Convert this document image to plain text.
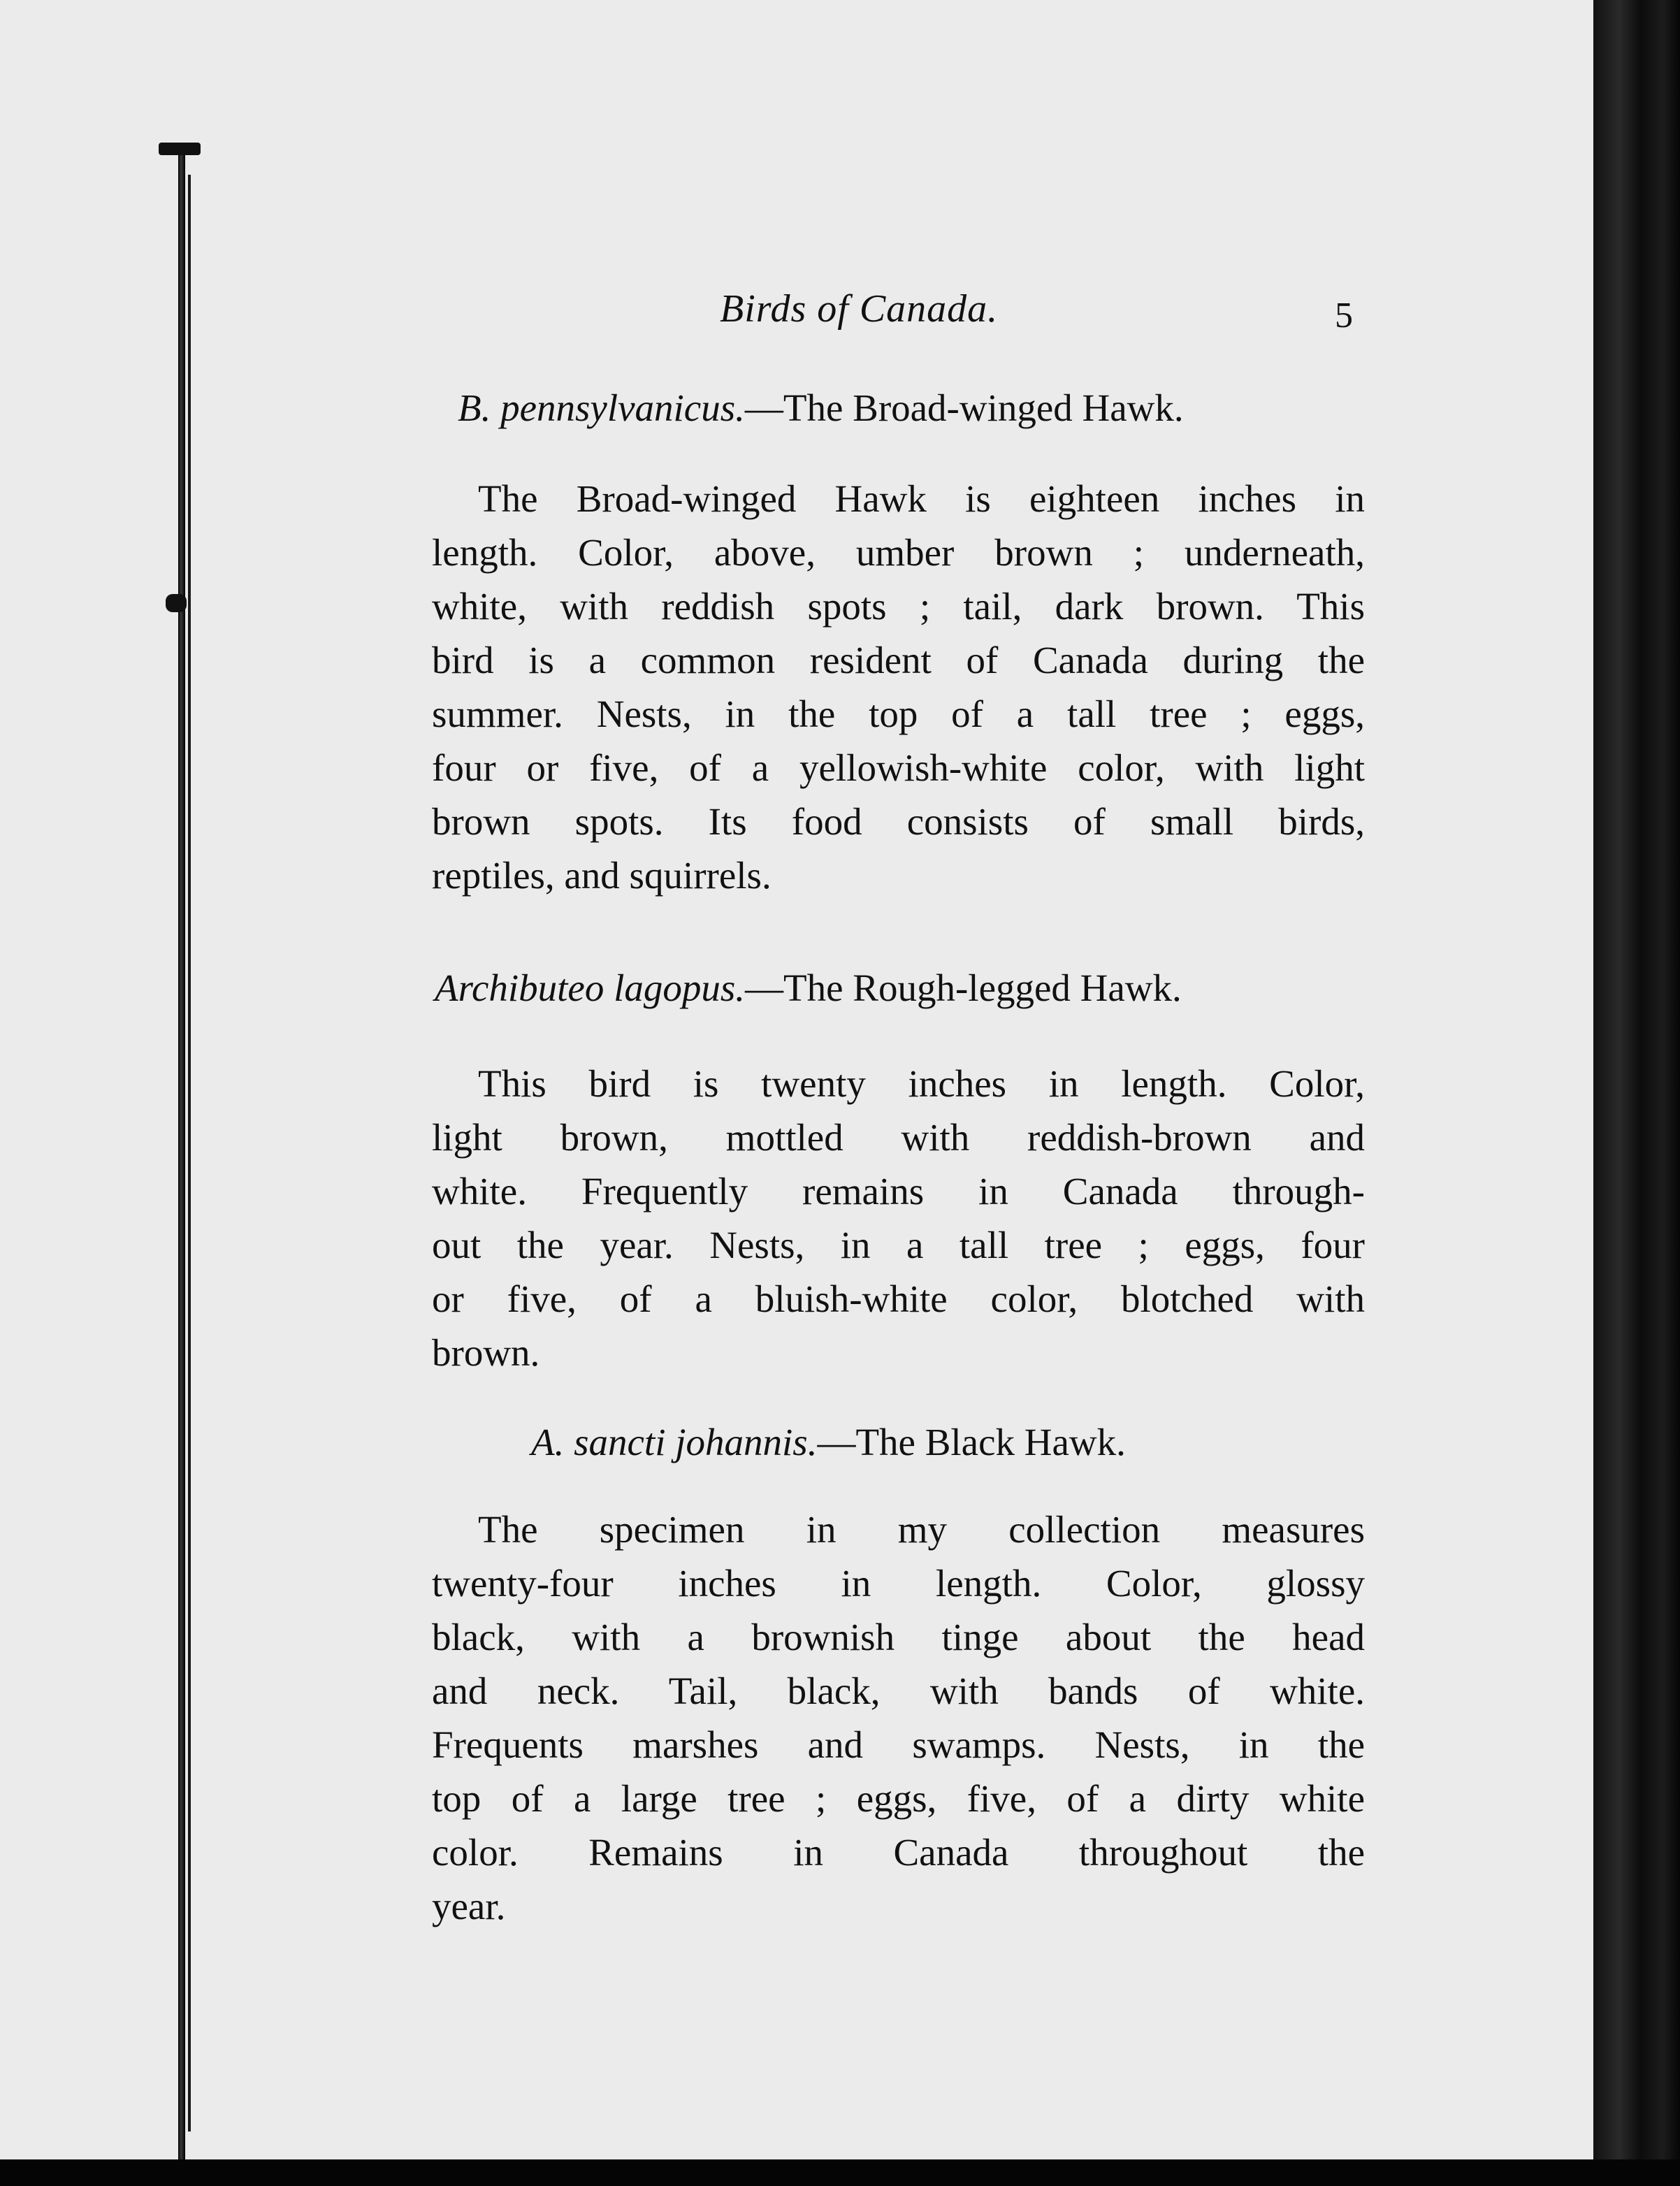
Birds of Canada.	5
B. pennsylvanicus.—The Broad-winged Hawk.
The Broad-winged Hawk is eighteen inches in
length. Color, above, umber brown ; underneath,
white, with reddish spots ; tail, dark brown. This
bird is a common resident of Canada during the
summer. Nests, in the top of a tall tree ; eggs,
four or five, of a yellowish-white color, with light
brown spots. Its food consists of small birds,
reptiles, and squirrels.
Archibuteo lagopus.—The Rough-legged Hawk.
This bird is twenty inches in length. Color,
light brown, mottled with reddish-brown and
white. Frequently remains in Canada through-
out the year. Nests, in a tall tree ; eggs, four
or five, of a bluish-white color, blotched with
brown.
A. sancti johannis.—The Black Hawk.
The specimen in my collection measures
twenty-four inches in length. Color, glossy
black, with a brownish tinge about the head
and neck. Tail, black, with bands of white.
Frequents marshes and swamps. Nests, in the
top of a large tree ; eggs, five, of a dirty white
color. Remains in Canada throughout the
year.
